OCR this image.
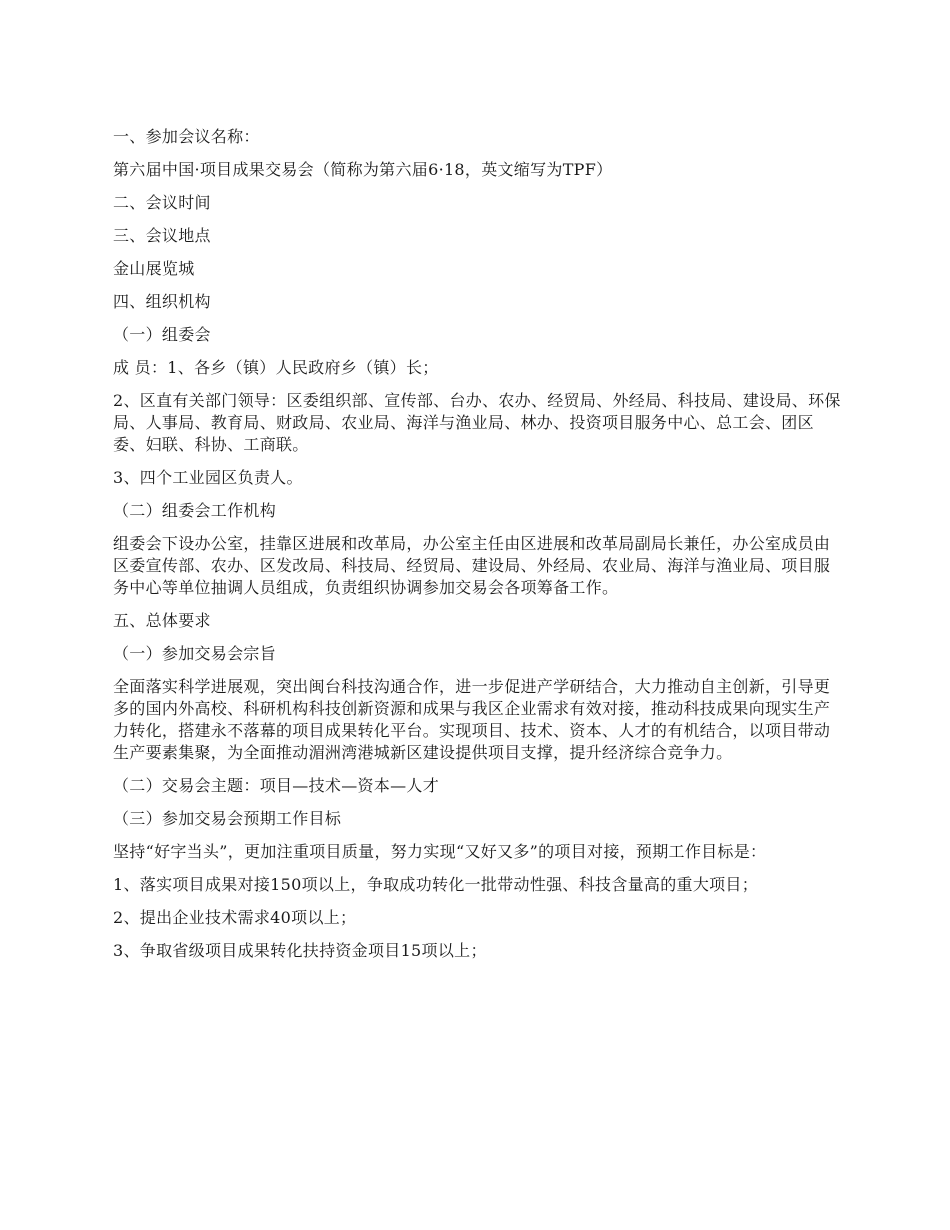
一、参加会议名称：

第六届中国·项目成果交易会（简称为第六届6·18，英文缩写为TPF）

二、会议时间

三、会议地点

金山展览城

四、组织机构

（一）组委会

成 员：1、各乡（镇）人民政府乡（镇）长；

2、区直有关部门领导：区委组织部、宣传部、台办、农办、经贸局、外经局、科技局、建设局、环保局、人事局、教育局、财政局、农业局、海洋与渔业局、林办、投资项目服务中心、总工会、团区委、妇联、科协、工商联。

3、四个工业园区负责人。

（二）组委会工作机构

组委会下设办公室，挂靠区进展和改革局，办公室主任由区进展和改革局副局长兼任，办公室成员由区委宣传部、农办、区发改局、科技局、经贸局、建设局、外经局、农业局、海洋与渔业局、项目服务中心等单位抽调人员组成，负责组织协调参加交易会各项筹备工作。

五、总体要求

（一）参加交易会宗旨

全面落实科学进展观，突出闽台科技沟通合作，进一步促进产学研结合，大力推动自主创新，引导更多的国内外高校、科研机构科技创新资源和成果与我区企业需求有效对接，推动科技成果向现实生产力转化，搭建永不落幕的项目成果转化平台。实现项目、技术、资本、人才的有机结合，以项目带动生产要素集聚，为全面推动湄洲湾港城新区建设提供项目支撑，提升经济综合竞争力。

（二）交易会主题：项目—技术—资本—人才

（三）参加交易会预期工作目标

坚持“好字当头”，更加注重项目质量，努力实现“又好又多”的项目对接，预期工作目标是：

1、落实项目成果对接150项以上，争取成功转化一批带动性强、科技含量高的重大项目；

2、提出企业技术需求40项以上；

3、争取省级项目成果转化扶持资金项目15项以上；
